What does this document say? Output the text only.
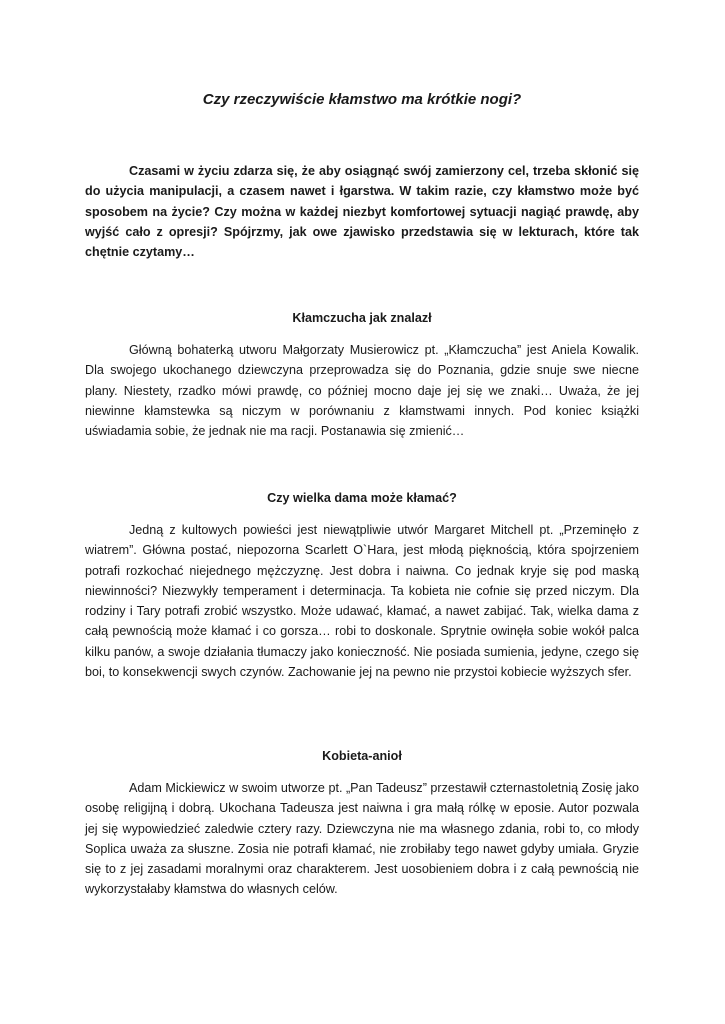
Czy rzeczywiście kłamstwo ma krótkie nogi?

Czasami w życiu zdarza się, że aby osiągnąć swój zamierzony cel, trzeba skłonić się do użycia manipulacji, a czasem nawet i łgarstwa. W takim razie, czy kłamstwo może być sposobem na życie? Czy można w każdej niezbyt komfortowej sytuacji nagiąć prawdę, aby wyjść cało z opresji? Spójrzmy, jak owe zjawisko przedstawia się w lekturach, które tak chętnie czytamy…

Kłamczucha jak znalazł

Główną bohaterką utworu Małgorzaty Musierowicz pt. „Kłamczucha” jest Aniela Kowalik. Dla swojego ukochanego dziewczyna przeprowadza się do Poznania, gdzie snuje swe niecne plany. Niestety, rzadko mówi prawdę, co później mocno daje jej się we znaki… Uważa, że jej niewinne kłamstewka są niczym w porównaniu z kłamstwami innych. Pod koniec książki uświadamia sobie, że jednak nie ma racji. Postanawia się zmienić…

Czy wielka dama może kłamać?

Jedną z kultowych powieści jest niewątpliwie utwór Margaret Mitchell pt. „Przeminęło z wiatrem”. Główna postać, niepozorna Scarlett O`Hara, jest młodą pięknością, która spojrzeniem potrafi rozkochać niejednego mężczyznę. Jest dobra i naiwna. Co jednak kryje się pod maską niewinności? Niezwykły temperament i determinacja. Ta kobieta nie cofnie się przed niczym. Dla rodziny i Tary potrafi zrobić wszystko. Może udawać, kłamać, a nawet zabijać. Tak, wielka dama z całą pewnością może kłamać i co gorsza… robi to doskonale. Sprytnie owinęła sobie wokół palca kilku panów, a swoje działania tłumaczy jako konieczność. Nie posiada sumienia, jedyne, czego się boi, to konsekwencji swych czynów. Zachowanie jej na pewno nie przystoi kobiecie wyższych sfer.

Kobieta-anioł

Adam Mickiewicz w swoim utworze pt. „Pan Tadeusz” przestawił czternastoletnią Zosię jako osobę religijną i dobrą. Ukochana Tadeusza jest naiwna i gra małą rólkę w eposie. Autor pozwala jej się wypowiedzieć zaledwie cztery razy. Dziewczyna nie ma własnego zdania, robi to, co młody Soplica uważa za słuszne. Zosia nie potrafi kłamać, nie zrobiłaby tego nawet gdyby umiała. Gryzie się to z jej zasadami moralnymi oraz charakterem. Jest uosobieniem dobra i z całą pewnością nie wykorzystałaby kłamstwa do własnych celów.
